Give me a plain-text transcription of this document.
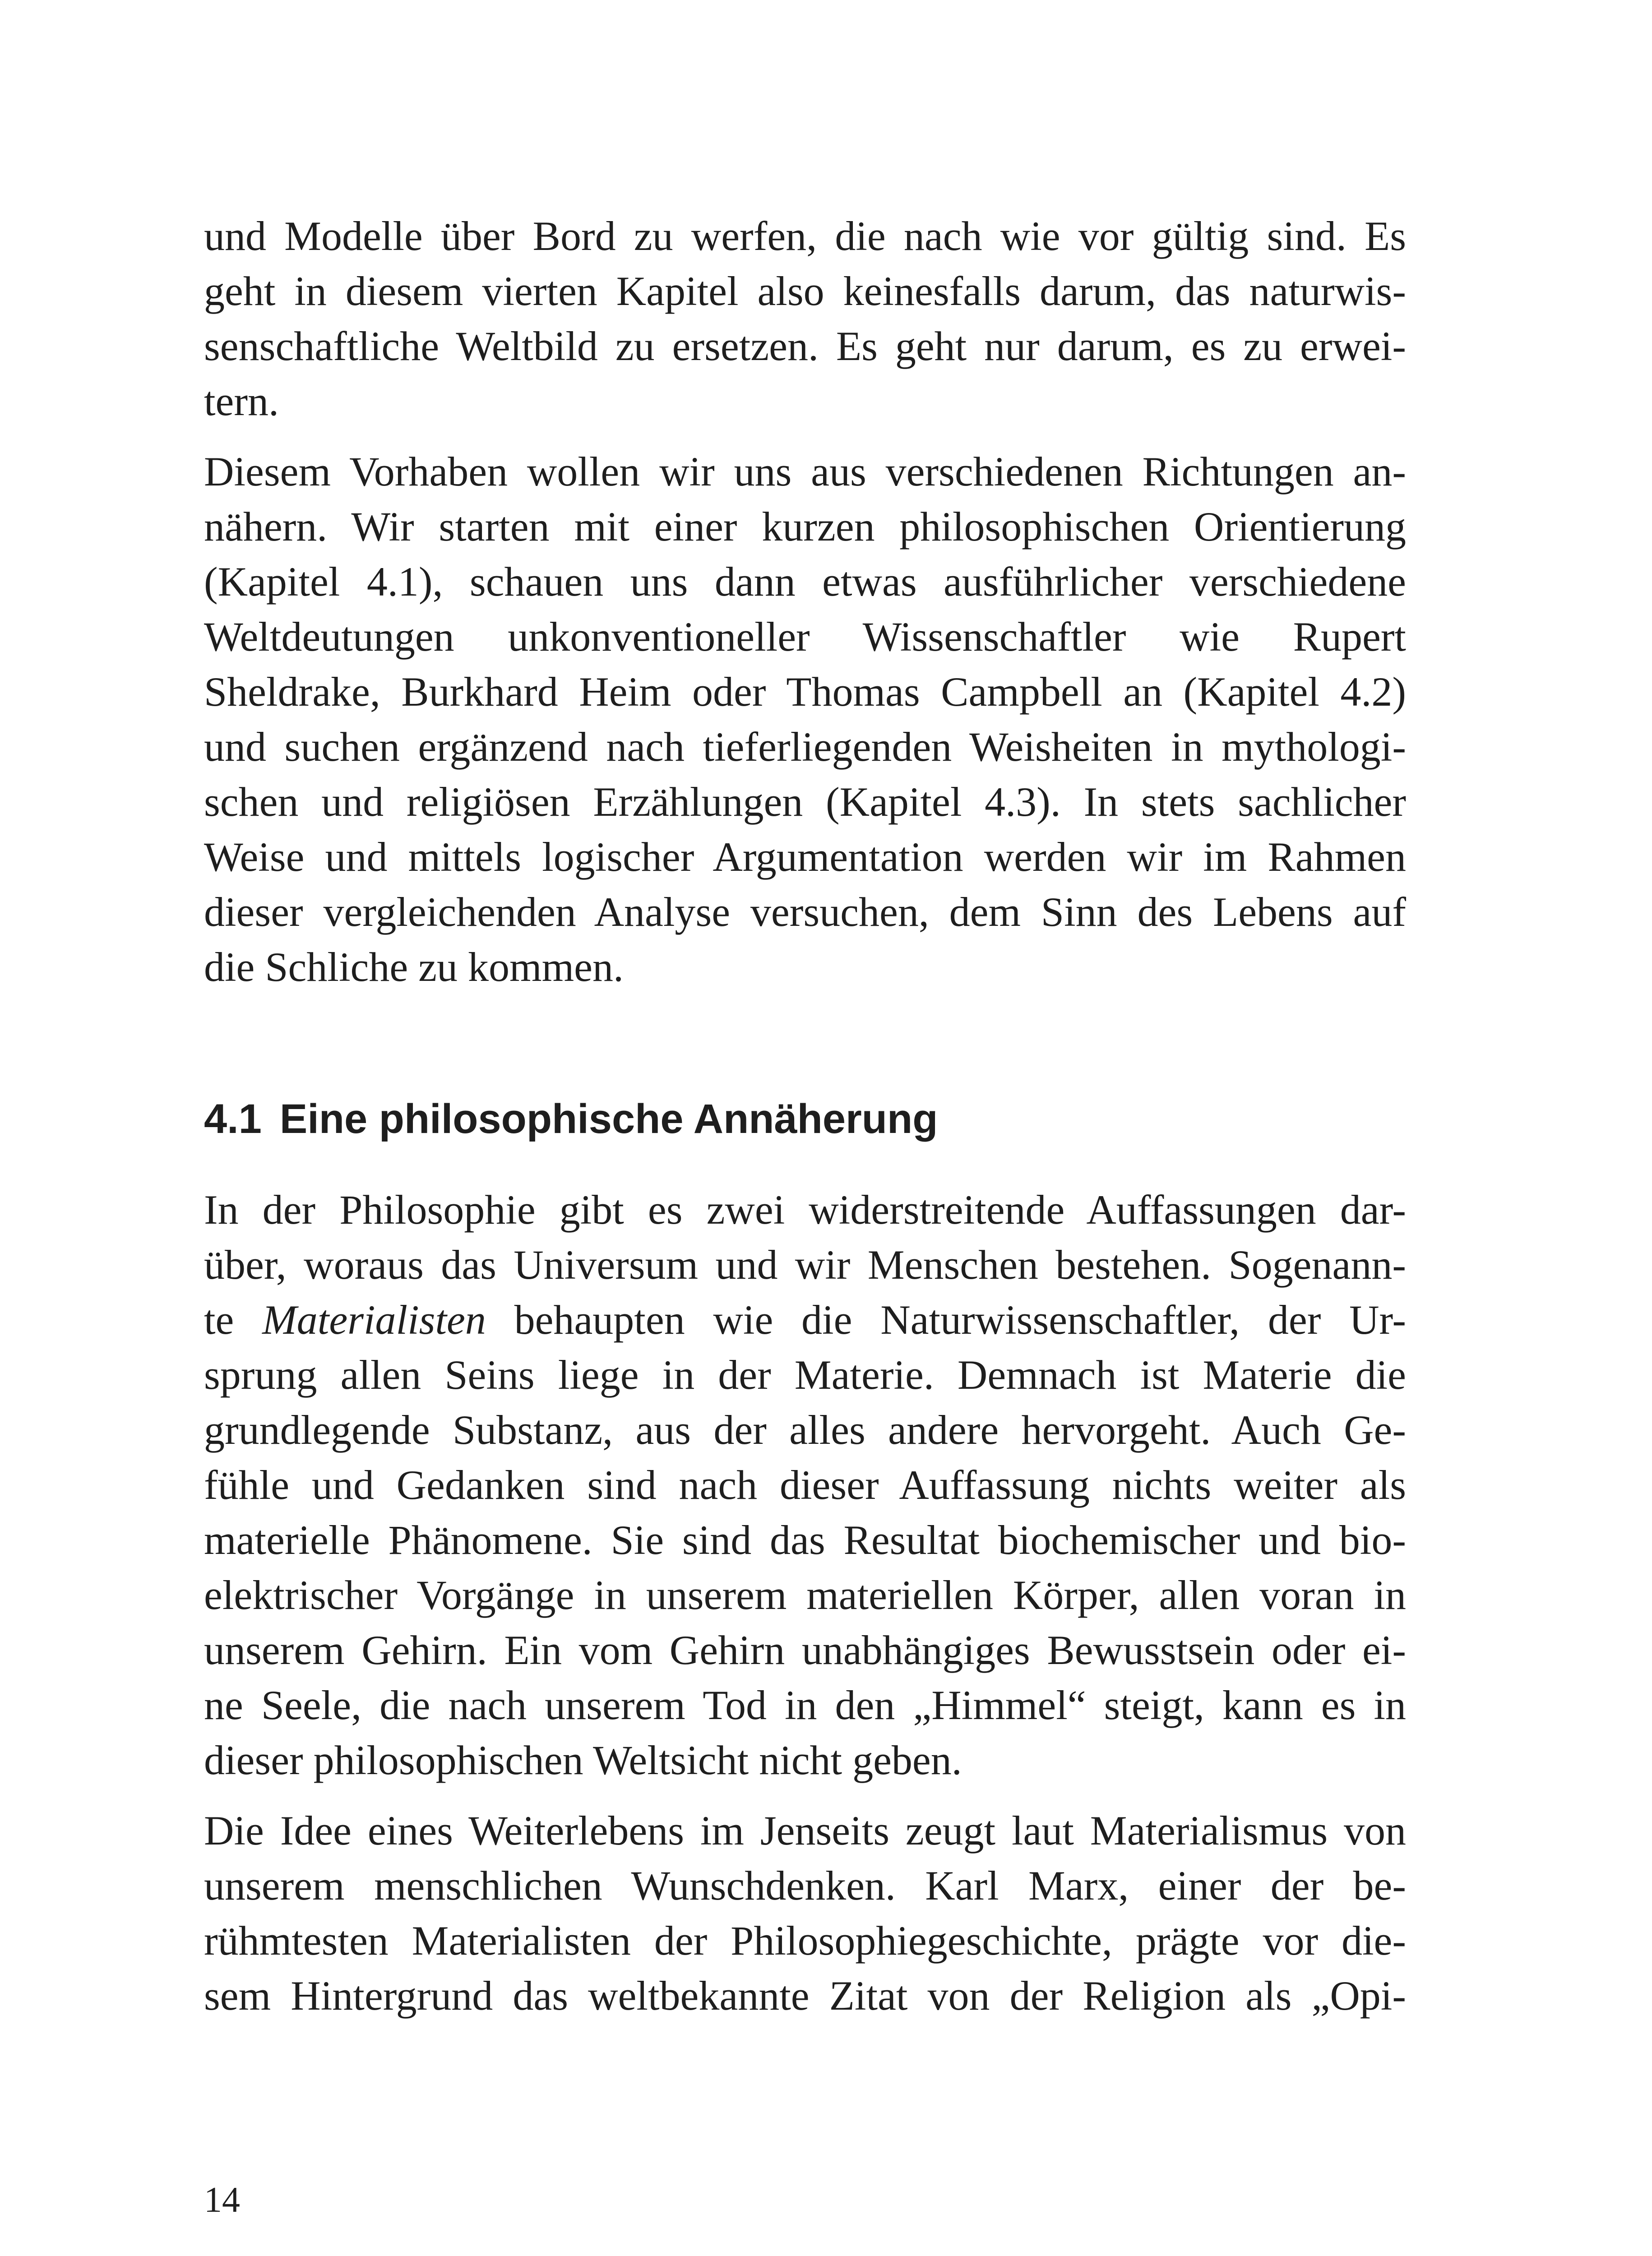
und Modelle über Bord zu werfen, die nach wie vor gültig sind. Es
geht in diesem vierten Kapitel also keinesfalls darum, das naturwis-
senschaftliche Weltbild zu ersetzen. Es geht nur darum, es zu erwei-
tern.
Diesem Vorhaben wollen wir uns aus verschiedenen Richtungen an-
nähern. Wir starten mit einer kurzen philosophischen Orientierung
(Kapitel 4.1), schauen uns dann etwas ausführlicher verschiedene
Weltdeutungen unkonventioneller Wissenschaftler wie Rupert
Sheldrake, Burkhard Heim oder Thomas Campbell an (Kapitel 4.2)
und suchen ergänzend nach tieferliegenden Weisheiten in mythologi-
schen und religiösen Erzählungen (Kapitel 4.3). In stets sachlicher
Weise und mittels logischer Argumentation werden wir im Rahmen
dieser vergleichenden Analyse versuchen, dem Sinn des Lebens auf
die Schliche zu kommen.
4.1 Eine philosophische Annäherung
In der Philosophie gibt es zwei widerstreitende Auffassungen dar-
über, woraus das Universum und wir Menschen bestehen. Sogenann-
te Materialisten behaupten wie die Naturwissenschaftler, der Ur-
sprung allen Seins liege in der Materie. Demnach ist Materie die
grundlegende Substanz, aus der alles andere hervorgeht. Auch Ge-
fühle und Gedanken sind nach dieser Auffassung nichts weiter als
materielle Phänomene. Sie sind das Resultat biochemischer und bio-
elektrischer Vorgänge in unserem materiellen Körper, allen voran in
unserem Gehirn. Ein vom Gehirn unabhängiges Bewusstsein oder ei-
ne Seele, die nach unserem Tod in den „Himmel“ steigt, kann es in
dieser philosophischen Weltsicht nicht geben.
Die Idee eines Weiterlebens im Jenseits zeugt laut Materialismus von
unserem menschlichen Wunschdenken. Karl Marx, einer der be-
rühmtesten Materialisten der Philosophiegeschichte, prägte vor die-
sem Hintergrund das weltbekannte Zitat von der Religion als „Opi-
14
